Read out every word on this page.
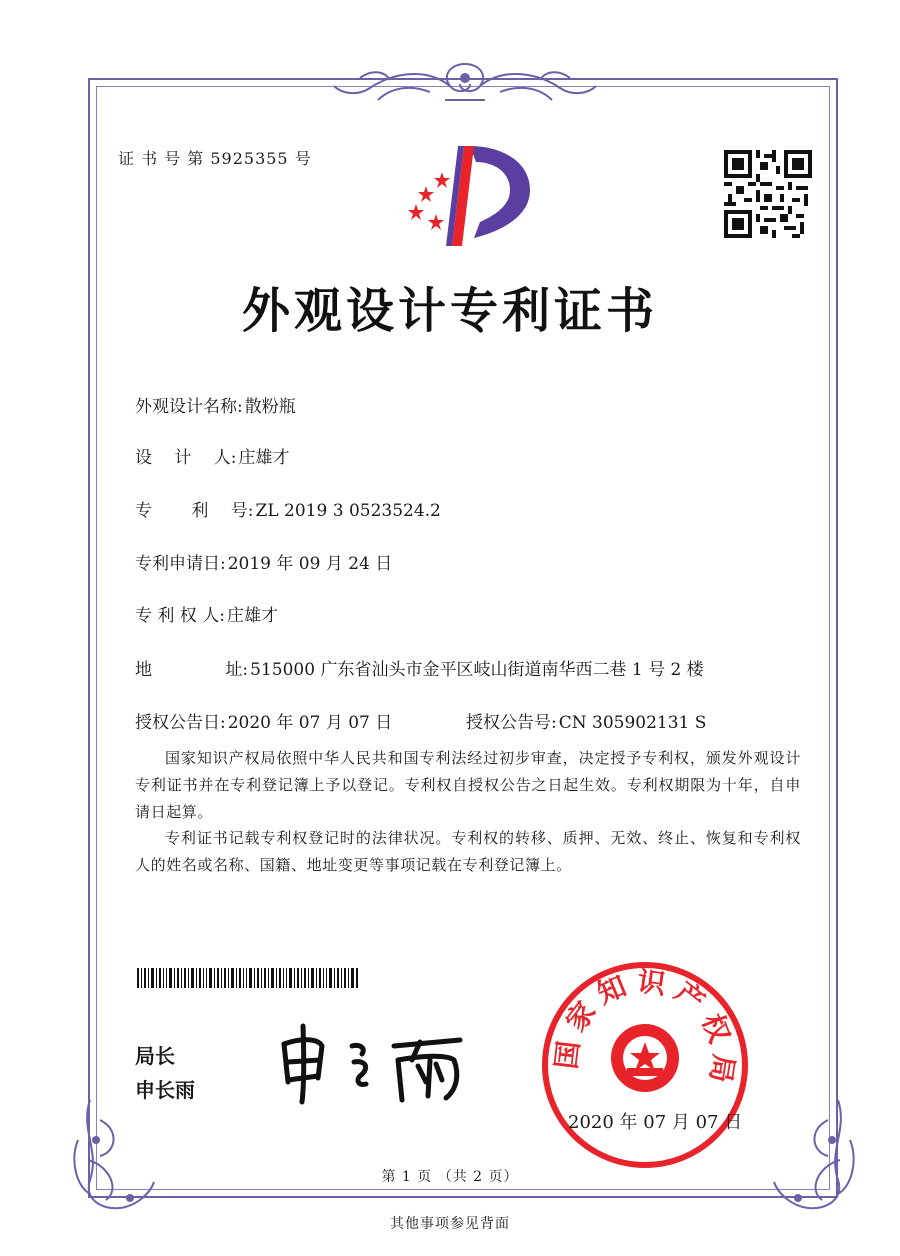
证 书 号 第 5925355 号
外观设计专利证书
外观设计名称: 散粉瓶
设　 计　 人: 庄雄才
专　　 利　 号: ZL 2019 3 0523524.2
专利申请日: 2019 年 09 月 24 日
专 利 权 人: 庄雄才
地　　　　 址: 515000 广东省汕头市金平区岐山街道南华西二巷 1 号 2 楼
授权公告日: 2020 年 07 月 07 日	授权公告号: CN 305902131 S
国家知识产权局依照中华人民共和国专利法经过初步审查，决定授予专利权，颁发外观设计专利证书并在专利登记簿上予以登记。专利权自授权公告之日起生效。专利权期限为十年，自申请日起算。
专利证书记载专利权登记时的法律状况。专利权的转移、质押、无效、终止、恢复和专利权人的姓名或名称、国籍、地址变更等事项记载在专利登记簿上。
局长
申长雨
国家知识产权局
2020 年 07 月 07 日
第 1 页 （共 2 页）
其他事项参见背面
